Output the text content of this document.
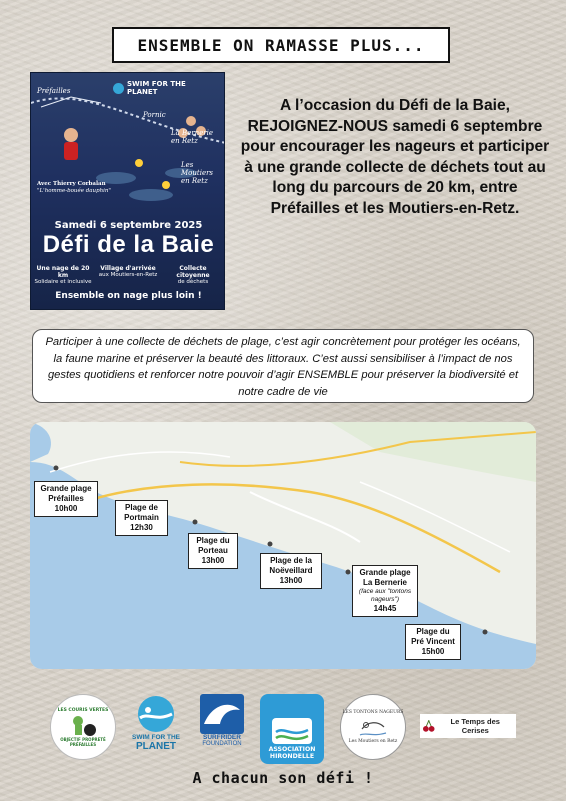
ENSEMBLE ON RAMASSE PLUS...
SWIM FOR THE
PLANET
Préfailles
Pornic
La Bernerie
en Retz
Les Moutiers
en Retz
Avec Thierry Corbalan
"L'homme-bouée dauphin"
Samedi 6 septembre 2025
Défi de la Baie
Une nage de 20 km
Solidaire et inclusive
Village d'arrivée
aux Moutiers-en-Retz
Collecte citoyenne
de déchets
Ensemble on nage plus loin !
A l’occasion du Défi de la Baie, REJOIGNEZ-NOUS samedi 6 septembre pour encourager les nageurs et participer à une grande collecte de déchets tout au long du parcours de 20 km, entre Préfailles et les Moutiers-en-Retz.
Participer à une collecte de déchets de plage, c’est agir concrètement pour protéger les océans, la faune marine et préserver la beauté des littoraux. C’est aussi sensibiliser à l’impact de nos gestes quotidiens et renforcer notre pouvoir d’agir ENSEMBLE pour préserver la biodiversité et notre cadre de vie
Grande plage
Préfailles
10h00	Plage de
Portmain
12h30
Plage du
Porteau
13h00	Plage de la
Noëveillard
13h00
Grande plage
La Bernerie
(face aux "tontons nageurs")
14h45
Plage du
Pré Vincent
15h00
LES COURIS VERTES
OBJECTIF PROPRETÉ
PRÉFAILLES
SWIM FOR THE
PLANET
SURFRIDER
FOUNDATION
ASSOCIATION
HIRONDELLE
LES TONTONS NAGEURS
Les Moutiers en Retz
Le Temps des Cerises
A chacun son défi !
